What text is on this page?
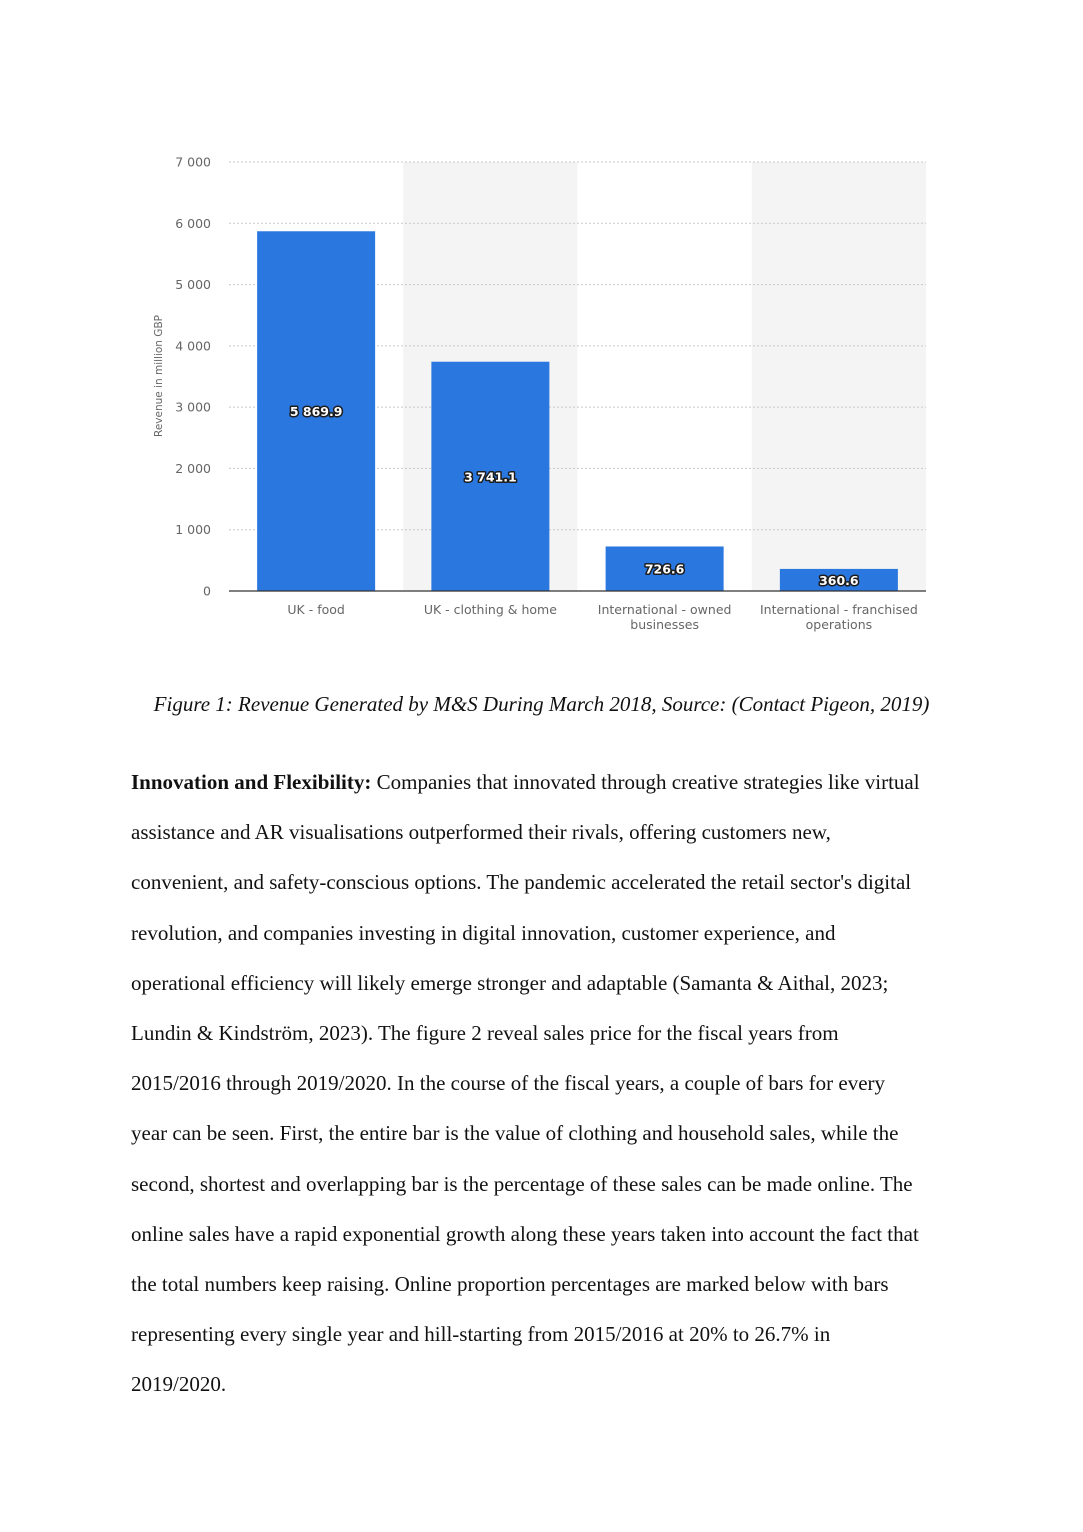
0
1 000
2 000
3 000
4 000
5 000
6 000
7 000
Revenue in million GBP	5 869.9
3 741.1
726.6
360.6
UK - food	UK - clothing & home	International - owned
businesses
International - franchised
operations

Figure 1: Revenue Generated by M&S During March 2018, Source: (Contact Pigeon, 2019)

Innovation and Flexibility: Companies that innovated through creative strategies like virtual
assistance and AR visualisations outperformed their rivals, offering customers new,
convenient, and safety-conscious options. The pandemic accelerated the retail sector's digital
revolution, and companies investing in digital innovation, customer experience, and
operational efficiency will likely emerge stronger and adaptable (Samanta & Aithal, 2023;
Lundin & Kindström, 2023). The figure 2 reveal sales price for the fiscal years from
2015/2016 through 2019/2020. In the course of the fiscal years, a couple of bars for every
year can be seen. First, the entire bar is the value of clothing and household sales, while the
second, shortest and overlapping bar is the percentage of these sales can be made online. The
online sales have a rapid exponential growth along these years taken into account the fact that
the total numbers keep raising. Online proportion percentages are marked below with bars
representing every single year and hill-starting from 2015/2016 at 20% to 26.7% in
2019/2020.
